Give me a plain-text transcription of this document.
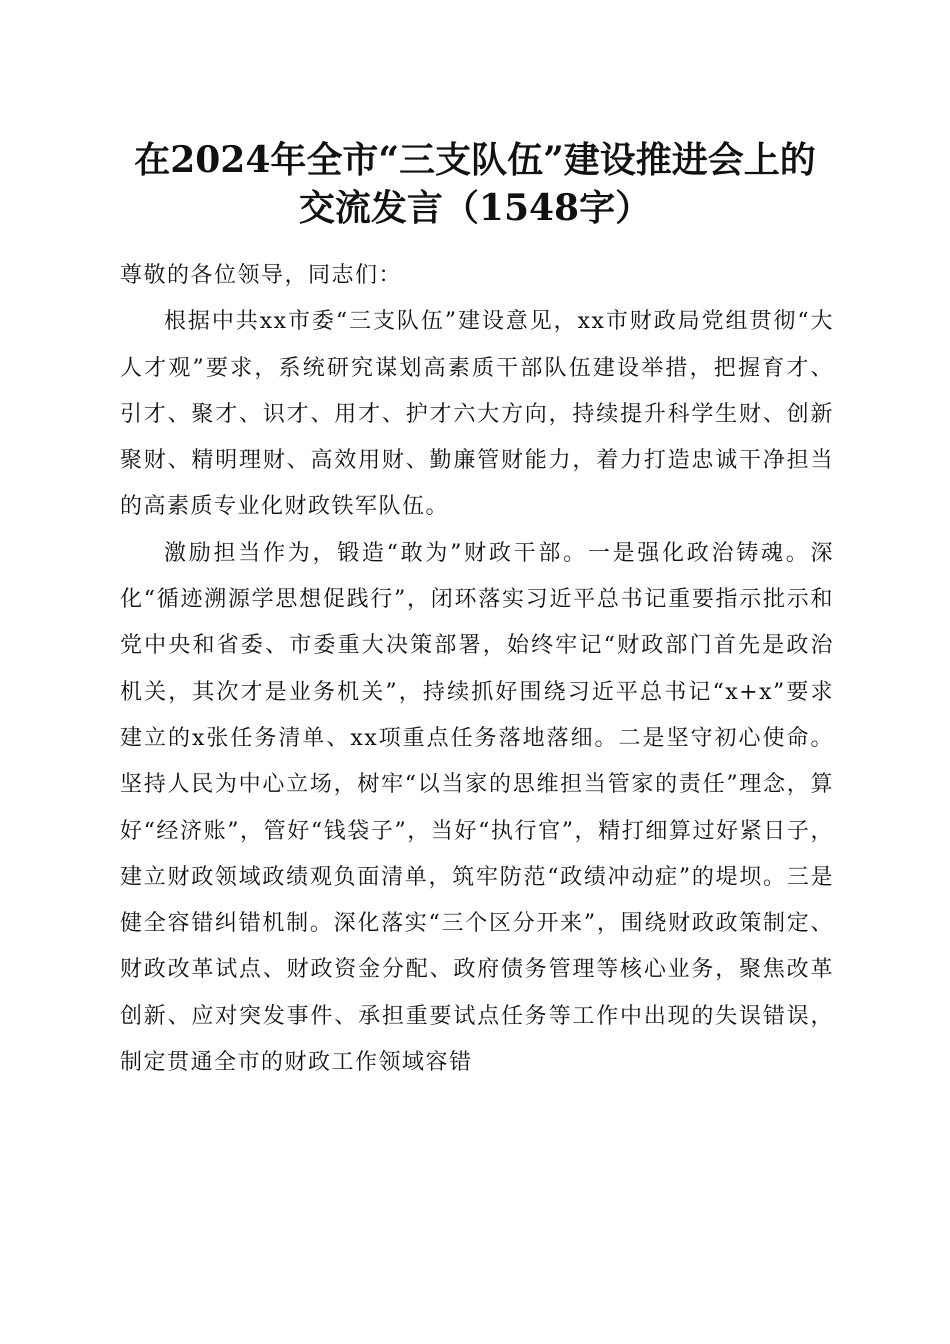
在2024年全市“三支队伍”建设推进会上的
交流发言（1548字）

尊敬的各位领导，同志们：

根据中共xx市委“三支队伍”建设意见，xx市财政局党组贯彻“大人才观”要求，系统研究谋划高素质干部队伍建设举措，把握育才、引才、聚才、识才、用才、护才六大方向，持续提升科学生财、创新聚财、精明理财、高效用财、勤廉管财能力，着力打造忠诚干净担当的高素质专业化财政铁军队伍。

激励担当作为，锻造“敢为”财政干部。一是强化政治铸魂。深化“循迹溯源学思想促践行”，闭环落实习近平总书记重要指示批示和党中央和省委、市委重大决策部署，始终牢记“财政部门首先是政治机关，其次才是业务机关”，持续抓好围绕习近平总书记“x+x”要求建立的x张任务清单、xx项重点任务落地落细。二是坚守初心使命。坚持人民为中心立场，树牢“以当家的思维担当管家的责任”理念，算好“经济账”，管好“钱袋子”，当好“执行官”，精打细算过好紧日子，建立财政领域政绩观负面清单，筑牢防范“政绩冲动症”的堤坝。三是健全容错纠错机制。深化落实“三个区分开来”，围绕财政政策制定、财政改革试点、财政资金分配、政府债务管理等核心业务，聚焦改革创新、应对突发事件、承担重要试点任务等工作中出现的失误错误，制定贯通全市的财政工作领域容错
